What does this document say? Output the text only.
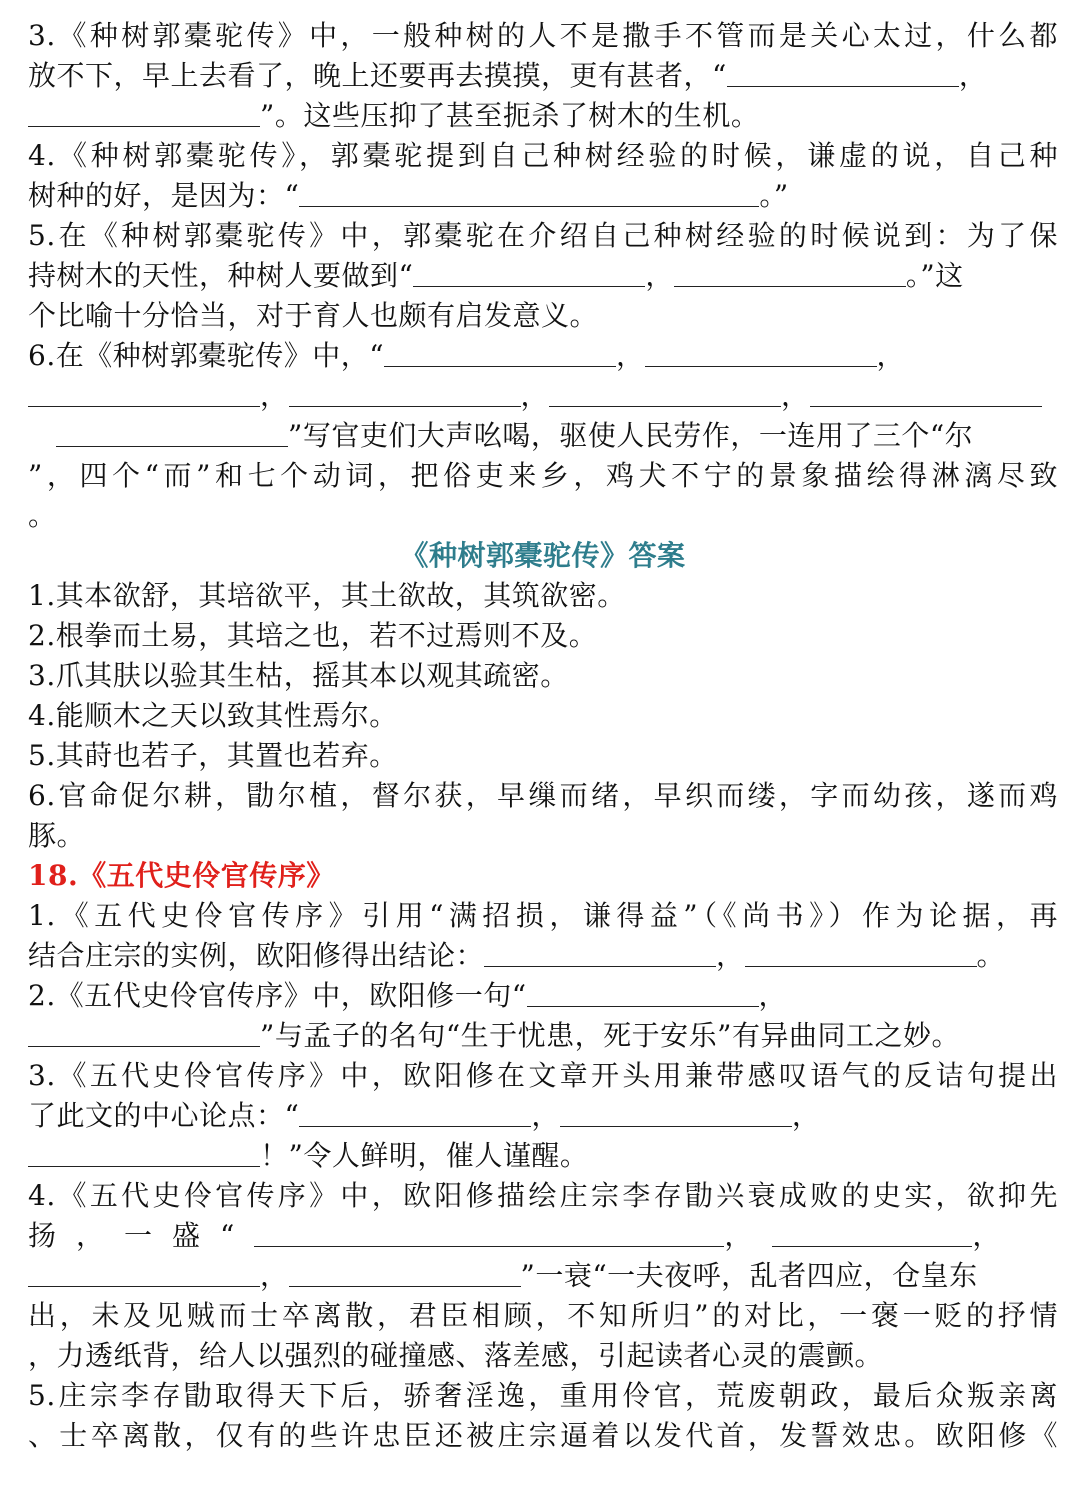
3.《种树郭橐驼传》中，一般种树的人不是撒手不管而是关心太过，什么都
放不下，早上去看了，晚上还要再去摸摸，更有甚者，“	，
”。这些压抑了甚至扼杀了树木的生机。
4.《种树郭橐驼传》，郭橐驼提到自己种树经验的时候，谦虚的说，自己种
树种的好，是因为：“	。”
5.在《种树郭橐驼传》中，郭橐驼在介绍自己种树经验的时候说到：为了保
持树木的天性，种树人要做到“	，	。”这
个比喻十分恰当，对于育人也颇有启发意义。
6.在《种树郭橐驼传》中，“	，	，
，	，	，
”写官吏们大声吆喝，驱使人民劳作，一连用了三个“尔
”，四个“而”和七个动词，把俗吏来乡，鸡犬不宁的景象描绘得淋漓尽致
。
《种树郭橐驼传》答案
1.其本欲舒，其培欲平，其土欲故，其筑欲密。
2.根拳而土易，其培之也，若不过焉则不及。
3.爪其肤以验其生枯，摇其本以观其疏密。
4.能顺木之天以致其性焉尔。
5.其莳也若子，其置也若弃。
6.官命促尔耕，勖尔植，督尔获，早缫而绪，早织而缕，字而幼孩，遂而鸡
豚。
18.《五代史伶官传序》
1.《五代史伶官传序》引用“满招损，谦得益”（《尚书》）作为论据，再
结合庄宗的实例，欧阳修得出结论：	，	。
2.《五代史伶官传序》中，欧阳修一句“	，
”与孟子的名句“生于忧患，死于安乐”有异曲同工之妙。
3.《五代史伶官传序》中，欧阳修在文章开头用兼带感叹语气的反诘句提出
了此文的中心论点：“	，	，
！”令人鲜明，催人谨醒。
4.《五代史伶官传序》中，欧阳修描绘庄宗李存勖兴衰成败的史实，欲抑先
扬，一盛“	，	，
，	”一衰“一夫夜呼，乱者四应，仓皇东
出，未及见贼而士卒离散，君臣相顾，不知所归”的对比，一褒一贬的抒情
，力透纸背，给人以强烈的碰撞感、落差感，引起读者心灵的震颤。
5.庄宗李存勖取得天下后，骄奢淫逸，重用伶官，荒废朝政，最后众叛亲离
、士卒离散，仅有的些许忠臣还被庄宗逼着以发代首，发誓效忠。欧阳修《
